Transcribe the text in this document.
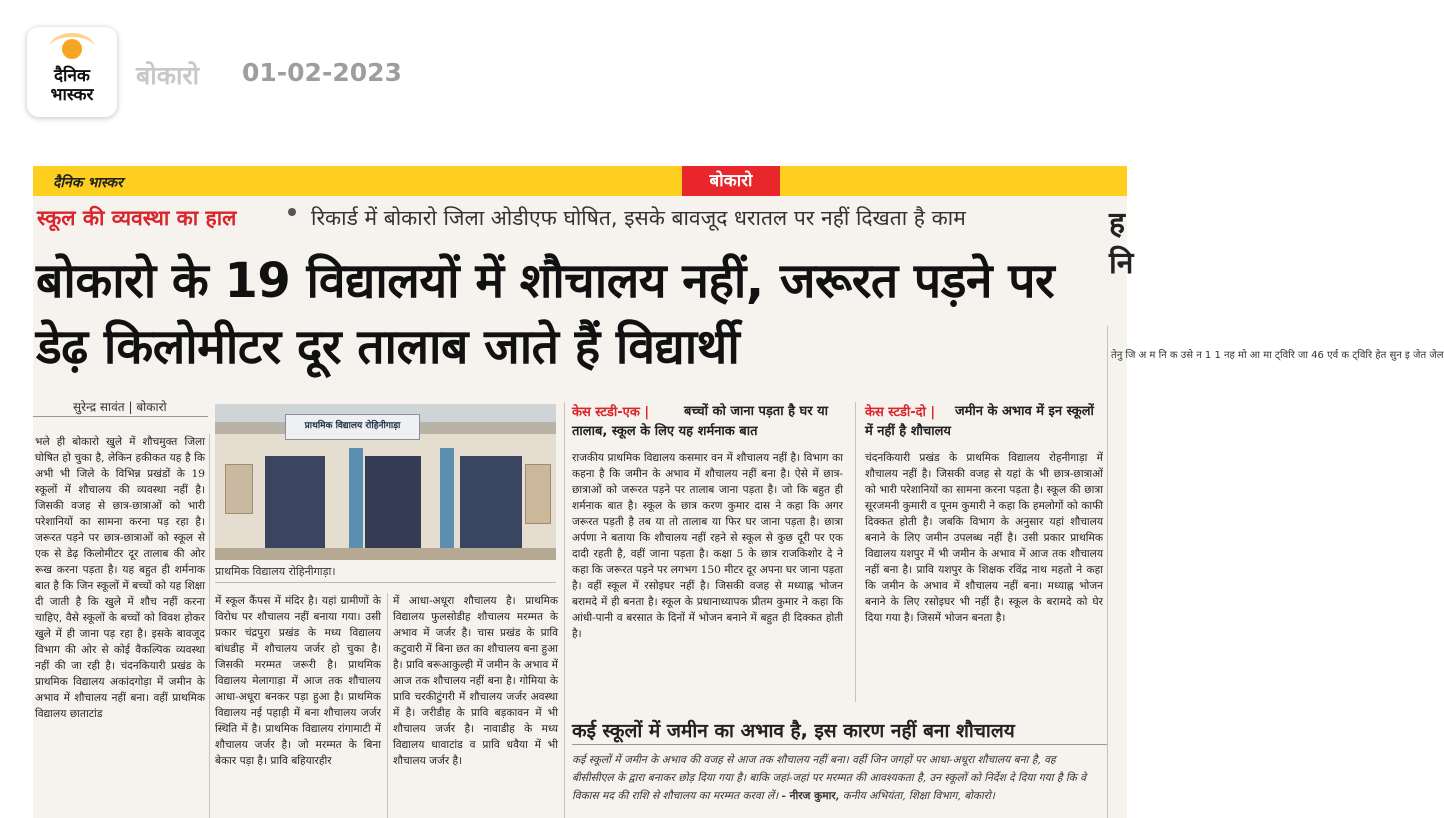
दैनिक
भास्कर
बोकारो 01-02-2023
दैनिक भास्कर	बोकारो
स्कूल की व्यवस्था का हाल	रिकार्ड में बोकारो जिला ओडीएफ घोषित, इसके बावजूद धरातल पर नहीं दिखता है काम	ह नि
बोकारो के 19 विद्यालयों में शौचालय नहीं, जरूरत पड़ने पर डेढ़ किलोमीटर दूर तालाब जाते हैं विद्यार्थी
सुरेन्द्र सावंत | बोकारो
भले ही बोकारो खुले में शौचमुक्त जिला घोषित हो चुका है, लेकिन हकीकत यह है कि अभी भी जिले के विभिन्न प्रखंडों के 19 स्कूलों में शौचालय की व्यवस्था नहीं है। जिसकी वजह से छात्र-छात्राओं को भारी परेशानियों का सामना करना पड़ रहा है। जरूरत पड़ने पर छात्र-छात्राओं को स्कूल से एक से डेढ़ किलोमीटर दूर तालाब की ओर रूख करना पड़ता है। यह बहुत ही शर्मनाक बात है कि जिन स्कूलों में बच्चों को यह शिक्षा दी जाती है कि खुले में शौच नहीं करना चाहिए, वैसे स्कूलों के बच्चों को विवश होकर खुले में ही जाना पड़ रहा है। इसके बावजूद विभाग की ओर से कोई वैकल्पिक व्यवस्था नहीं की जा रही है। चंदनकियारी प्रखंड के प्राथमिक विद्यालय अकांदगोड़ा में जमीन के अभाव में शौचालय नहीं बना। वहीं प्राथमिक विद्यालय छाताटांड
प्राथमिक विद्यालय रोहिनीगाड़ा
प्राथमिक विद्यालय रोहिनीगाड़ा।
में स्कूल कैंपस में मंदिर है। यहां ग्रामीणों के विरोध पर शौचालय नहीं बनाया गया। उसी प्रकार चंद्रपुरा प्रखंड के मध्य विद्यालय बांधडीह में शौचालय जर्जर हो चुका है। जिसकी मरम्मत जरूरी है। प्राथमिक विद्यालय मेलागाड़ा में आज तक शौचालय आधा-अधूरा बनकर पड़ा हुआ है। प्राथमिक विद्यालय नई पहाड़ी में बना शौचालय जर्जर स्थिति में है। प्राथमिक विद्यालय रांगामाटी में शौचालय जर्जर है। जो मरम्मत के बिना बेकार पड़ा है। प्रावि बहियारहीर
में आधा-अधूरा शौचालय है। प्राथमिक विद्यालय फुलसोडीह शौचालय मरम्मत के अभाव में जर्जर है। चास प्रखंड के प्रावि कटुवारी में बिना छत का शौचालय बना हुआ है। प्रावि बरूआकुल्ही में जमीन के अभाव में आज तक शौचालय नहीं बना है। गोमिया के प्रावि चरकीटुंगरी में शौचालय जर्जर अवस्था में है। जरीडीह के प्रावि बड़कावन में भी शौचालय जर्जर है। नावाडीह के मध्य विद्यालय धावाटांड व प्रावि धवैया में भी शौचालय जर्जर है।
बच्चों को जाना पड़ता है घर या तालाब, स्कूल के लिए यह शर्मनाक बात
केस स्टडी-एक |
राजकीय प्राथमिक विद्यालय कसमार वन में शौचालय नहीं है। विभाग का कहना है कि जमीन के अभाव में शौचालय नहीं बना है। ऐसे में छात्र-छात्राओं को जरूरत पड़ने पर तालाब जाना पड़ता है। जो कि बहुत ही शर्मनाक बात है। स्कूल के छात्र करण कुमार दास ने कहा कि अगर जरूरत पड़ती है तब या तो तालाब या फिर घर जाना पड़ता है। छात्रा अर्पणा ने बताया कि शौचालय नहीं रहने से स्कूल से कुछ दूरी पर एक दादी रहती है, वहीं जाना पड़ता है। कक्षा 5 के छात्र राजकिशोर दे ने कहा कि जरूरत पड़ने पर लगभग 150 मीटर दूर अपना घर जाना पड़ता है। वहीं स्कूल में रसोइघर नहीं है। जिसकी वजह से मध्याह्न भोजन बरामदे में ही बनता है। स्कूल के प्रधानाध्यापक प्रीतम कुमार ने कहा कि आंधी-पानी व बरसात के दिनों में भोजन बनाने में बहुत ही दिक्कत होती है।
जमीन के अभाव में इन स्कूलों में नहीं है शौचालय
केस स्टडी-दो |
चंदनकियारी प्रखंड के प्राथमिक विद्यालय रोहनीगाड़ा में शौचालय नहीं है। जिसकी वजह से यहां के भी छात्र-छात्राओं को भारी परेशानियों का सामना करना पड़ता है। स्कूल की छात्रा सूरजमनी कुमारी व पूनम कुमारी ने कहा कि हमलोगों को काफी दिक्कत होती है। जबकि विभाग के अनुसार यहां शौचालय बनाने के लिए जमीन उपलब्ध नहीं है। उसी प्रकार प्राथमिक विद्यालय यशपुर में भी जमीन के अभाव में आज तक शौचालय नहीं बना है। प्रावि यशपुर के शिक्षक रविंद्र नाथ महतो ने कहा कि जमीन के अभाव में शौचालय नहीं बना। मध्याह्न भोजन बनाने के लिए रसोइघर भी नहीं है। स्कूल के बरामदे को घेर दिया गया है। जिसमें भोजन बनता है।
कई स्कूलों में जमीन का अभाव है, इस कारण नहीं बना शौचालय
कई स्कूलों में जमीन के अभाव की वजह से आज तक शौचालय नहीं बना। वहीं जिन जगहों पर आधा-अधूरा शौचालय बना है, वह बीसीसीएल के द्वारा बनाकर छोड़ दिया गया है। बाकि जहां-जहां पर मरम्मत की आवश्यकता है, उन स्कूलों को निर्देश दे दिया गया है कि वे विकास मद की राशि से शौचालय का मरम्मत करवा लें। - नीरज कुमार, कनीय अभियंता, शिक्षा विभाग, बोकारो।
तेनु जि अ म नि क उसे न 1 1 नह मो आ मा ट्विरि जा 46 एर्व क ट्विरि हेत सुन इ जेत जेल
